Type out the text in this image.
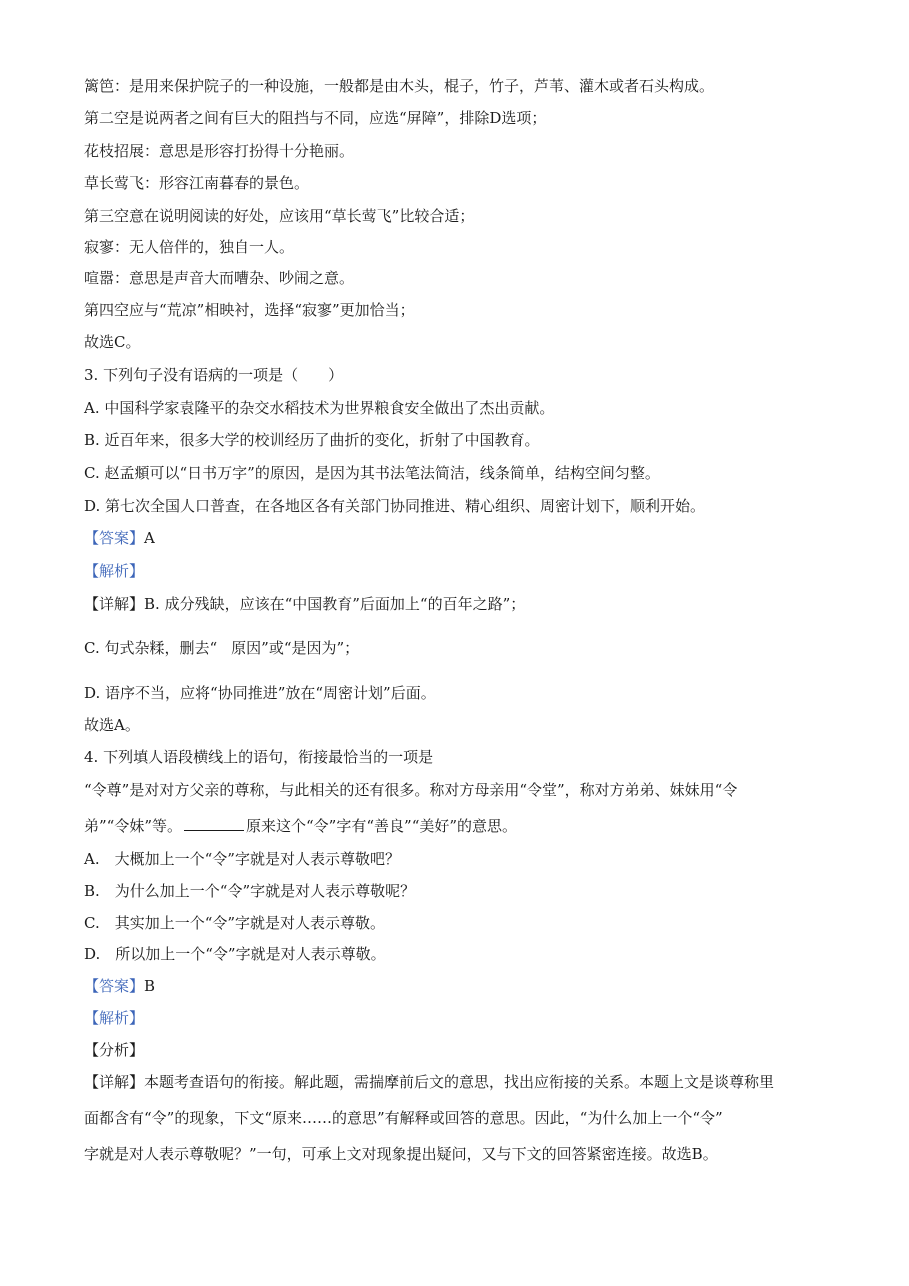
篱笆：是用来保护院子的一种设施，一般都是由木头，棍子，竹子，芦苇、灌木或者石头构成。
第二空是说两者之间有巨大的阻挡与不同，应选“屏障”，排除D选项；
花枝招展：意思是形容打扮得十分艳丽。
草长莺飞：形容江南暮春的景色。
第三空意在说明阅读的好处，应该用“草长莺飞”比较合适；
寂寥：无人倍伴的，独自一人。
喧嚣：意思是声音大而嘈杂、吵闹之意。
第四空应与“荒凉”相映衬，选择“寂寥”更加恰当；
故选C。
3. 下列句子没有语病的一项是（　　）
A. 中国科学家袁隆平的杂交水稻技术为世界粮食安全做出了杰出贡献。
B. 近百年来，很多大学的校训经历了曲折的变化，折射了中国教育。
C. 赵孟頫可以“日书万字”的原因，是因为其书法笔法简洁，线条简单，结构空间匀整。
D. 第七次全国人口普查，在各地区各有关部门协同推进、精心组织、周密计划下，顺利开始。
【答案】A
【解析】
【详解】B. 成分残缺，应该在“中国教育”后面加上“的百年之路”；
C. 句式杂糅，删去“ 原因”或“是因为”；
D. 语序不当，应将“协同推进”放在“周密计划”后面。
故选A。
4. 下列填人语段横线上的语句，衔接最恰当的一项是
“令尊”是对对方父亲的尊称，与此相关的还有很多。称对方母亲用“令堂”，称对方弟弟、妹妹用“令
弟”“令妹”等。	原来这个“令”字有“善良”“美好”的意思。
A.　大概加上一个“令”字就是对人表示尊敬吧？
B.　为什么加上一个“令”字就是对人表示尊敬呢？
C.　其实加上一个“令”字就是对人表示尊敬。
D.　所以加上一个“令”字就是对人表示尊敬。
【答案】B
【解析】
【分析】
【详解】本题考查语句的衔接。解此题，需揣摩前后文的意思，找出应衔接的关系。本题上文是谈尊称里
面都含有“令”的现象，下文“原来……的意思”有解释或回答的意思。因此，“为什么加上一个“令”
字就是对人表示尊敬呢？”一句，可承上文对现象提出疑问，又与下文的回答紧密连接。故选B。
